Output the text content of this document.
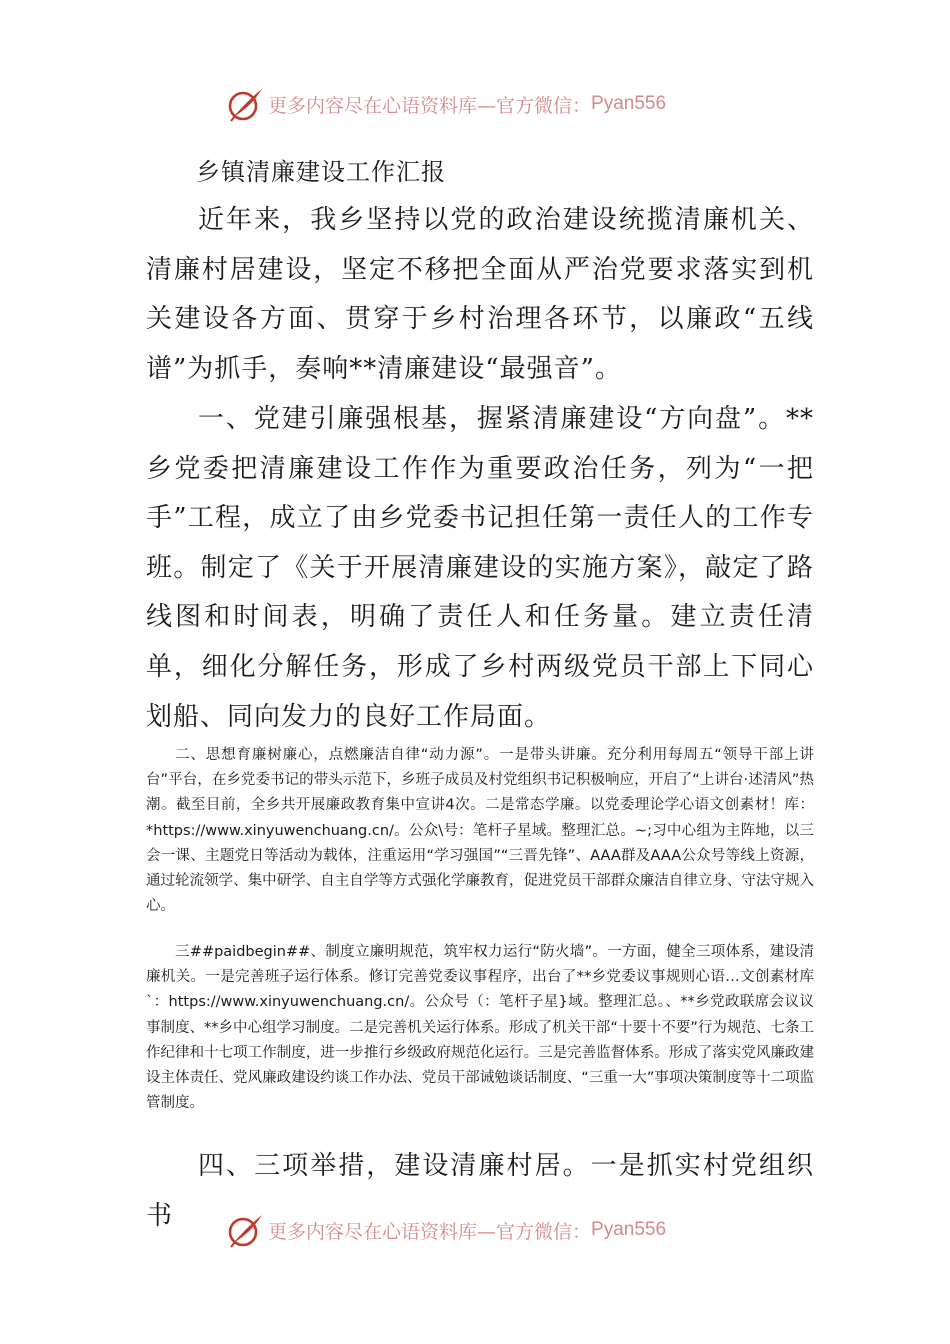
更多内容尽在心语资料库—官方微信： Pyan556
乡镇清廉建设工作汇报

近年来，我乡坚持以党的政治建设统揽清廉机关、清廉村居建设，坚定不移把全面从严治党要求落实到机关建设各方面、贯穿于乡村治理各环节，以廉政“五线谱”为抓手，奏响**清廉建设“最强音”。

一、党建引廉强根基，握紧清廉建设“方向盘”。**乡党委把清廉建设工作作为重要政治任务，列为“一把手”工程，成立了由乡党委书记担任第一责任人的工作专班。制定了《关于开展清廉建设的实施方案》，敲定了路线图和时间表，明确了责任人和任务量。建立责任清单，细化分解任务，形成了乡村两级党员干部上下同心划船、同向发力的良好工作局面。

二、思想育廉树廉心，点燃廉洁自律“动力源”。一是带头讲廉。充分利用每周五“领导干部上讲台”平台，在乡党委书记的带头示范下，乡班子成员及村党组织书记积极响应，开启了“上讲台·述清风”热潮。截至目前，全乡共开展廉政教育集中宣讲4次。二是常态学廉。以党委理论学心语文创素材！库：*https://www.xinyuwenchuang.cn/。公众\号：笔杆子星域。整理汇总。~;习中心组为主阵地，以三会一课、主题党日等活动为载体，注重运用“学习强国”“三晋先锋”、AAA群及AAA公众号等线上资源，通过轮流领学、集中研学、自主自学等方式强化学廉教育，促进党员干部群众廉洁自律立身、守法守规入心。

三##paidbegin##、制度立廉明规范，筑牢权力运行“防火墙”。一方面，健全三项体系，建设清廉机关。一是完善班子运行体系。修订完善党委议事程序，出台了**乡党委议事规则心语…文创素材库`：https://www.xinyuwenchuang.cn/。公众号（：笔杆子星}域。整理汇总。、**乡党政联席会议议事制度、**乡中心组学习制度。二是完善机关运行体系。形成了机关干部“十要十不要”行为规范、七条工作纪律和十七项工作制度，进一步推行乡级政府规范化运行。三是完善监督体系。形成了落实党风廉政建设主体责任、党风廉政建设约谈工作办法、党员干部诫勉谈话制度、“三重一大”事项决策制度等十二项监管制度。

四、三项举措，建设清廉村居。一是抓实村党组织书

更多内容尽在心语资料库—官方微信： Pyan556
